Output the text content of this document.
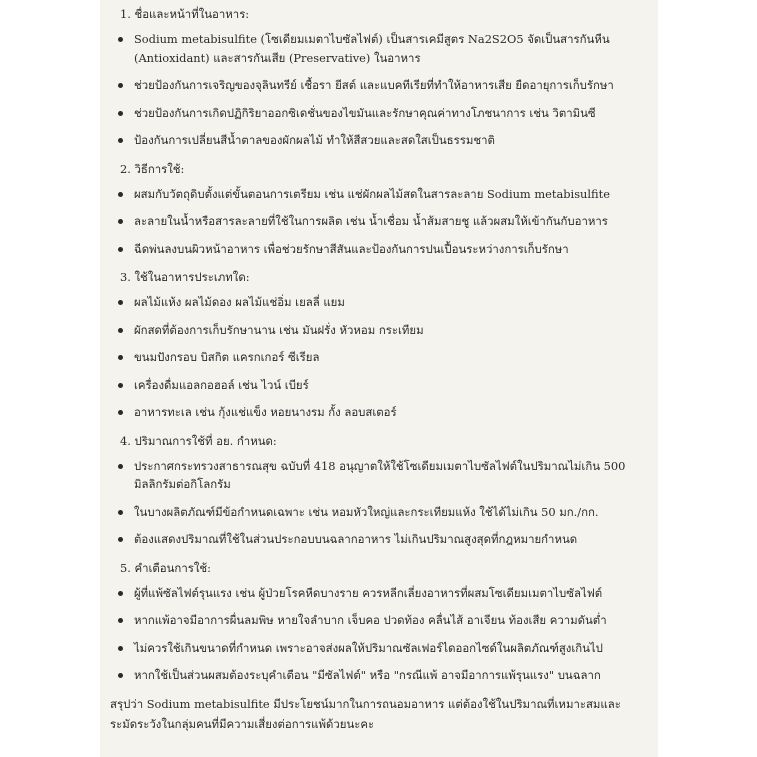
1. ชื่อและหน้าที่ในอาหาร:

Sodium metabisulfite (โซเดียมเมตาไบซัลไฟต์) เป็นสารเคมีสูตร Na2S2O5 จัดเป็นสารกันหืน (Antioxidant) และสารกันเสีย (Preservative) ในอาหาร
ช่วยป้องกันการเจริญของจุลินทรีย์ เชื้อรา ยีสต์ และแบคทีเรียที่ทำให้อาหารเสีย ยืดอายุการเก็บรักษา
ช่วยป้องกันการเกิดปฏิกิริยาออกซิเดชั่นของไขมันและรักษาคุณค่าทางโภชนาการ เช่น วิตามินซี
ป้องกันการเปลี่ยนสีน้ำตาลของผักผลไม้ ทำให้สีสวยและสดใสเป็นธรรมชาติ

2. วิธีการใช้:

ผสมกับวัตถุดิบตั้งแต่ขั้นตอนการเตรียม เช่น แช่ผักผลไม้สดในสารละลาย Sodium metabisulfite
ละลายในน้ำหรือสารละลายที่ใช้ในการผลิต เช่น น้ำเชื่อม น้ำส้มสายชู แล้วผสมให้เข้ากันกับอาหาร
ฉีดพ่นลงบนผิวหน้าอาหาร เพื่อช่วยรักษาสีสันและป้องกันการปนเปื้อนระหว่างการเก็บรักษา

3. ใช้ในอาหารประเภทใด:

ผลไม้แห้ง ผลไม้ดอง ผลไม้แช่อิ่ม เยลลี่ แยม
ผักสดที่ต้องการเก็บรักษานาน เช่น มันฝรั่ง หัวหอม กระเทียม
ขนมปังกรอบ บิสกิต แครกเกอร์ ซีเรียล
เครื่องดื่มแอลกอฮอล์ เช่น ไวน์ เบียร์
อาหารทะเล เช่น กุ้งแช่แข็ง หอยนางรม กั้ง ลอบสเตอร์

4. ปริมาณการใช้ที่ อย. กำหนด:

ประกาศกระทรวงสาธารณสุข ฉบับที่ 418 อนุญาตให้ใช้โซเดียมเมตาไบซัลไฟต์ในปริมาณไม่เกิน 500 มิลลิกรัมต่อกิโลกรัม
ในบางผลิตภัณฑ์มีข้อกำหนดเฉพาะ เช่น หอมหัวใหญ่และกระเทียมแห้ง ใช้ได้ไม่เกิน 50 มก./กก.
ต้องแสดงปริมาณที่ใช้ในส่วนประกอบบนฉลากอาหาร ไม่เกินปริมาณสูงสุดที่กฎหมายกำหนด

5. คำเตือนการใช้:

ผู้ที่แพ้ซัลไฟต์รุนแรง เช่น ผู้ป่วยโรคหืดบางราย ควรหลีกเลี่ยงอาหารที่ผสมโซเดียมเมตาไบซัลไฟต์
หากแพ้อาจมีอาการผื่นลมพิษ หายใจลำบาก เจ็บคอ ปวดท้อง คลื่นไส้ อาเจียน ท้องเสีย ความดันต่ำ
ไม่ควรใช้เกินขนาดที่กำหนด เพราะอาจส่งผลให้ปริมาณซัลเฟอร์ไดออกไซด์ในผลิตภัณฑ์สูงเกินไป
หากใช้เป็นส่วนผสมต้องระบุคำเตือน "มีซัลไฟต์" หรือ "กรณีแพ้ อาจมีอาการแพ้รุนแรง" บนฉลาก

สรุปว่า Sodium metabisulfite มีประโยชน์มากในการถนอมอาหาร แต่ต้องใช้ในปริมาณที่เหมาะสมและระมัดระวังในกลุ่มคนที่มีความเสี่ยงต่อการแพ้ด้วยนะคะ
